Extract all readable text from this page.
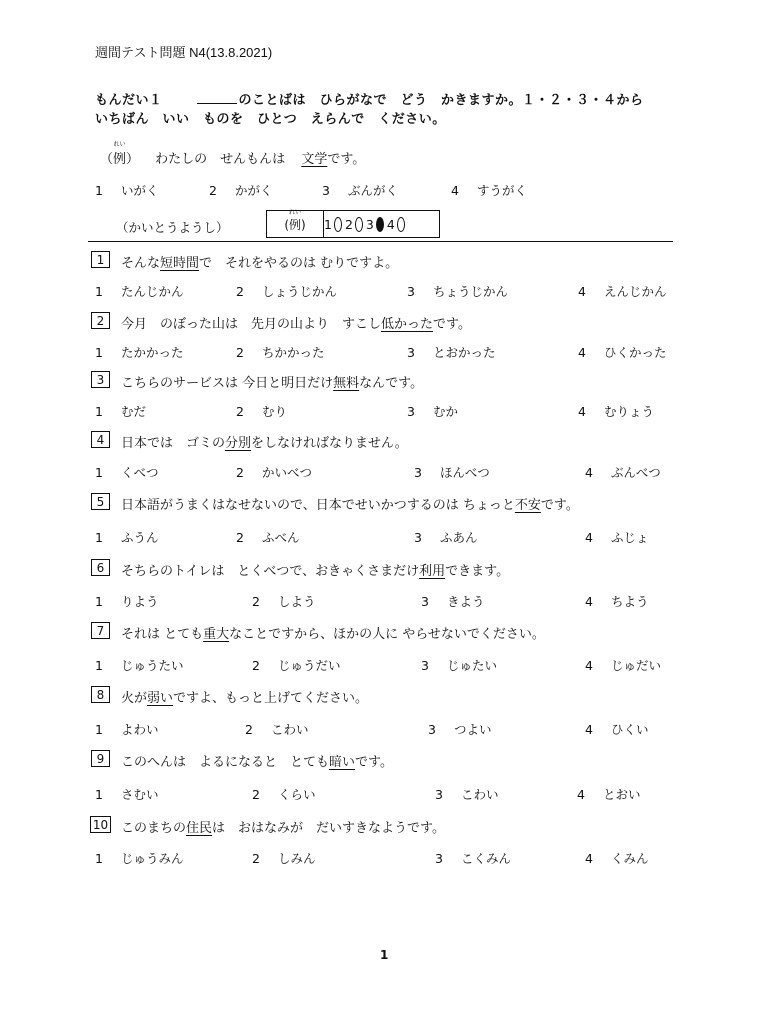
週間テスト問題 N4(13.8.2021)
もんだい１	のことばは　ひらがなで　どう　かきますか。１・２・３・４から
いちばん　いい　ものを　ひとつ　えらんで　ください。
れい
（例） わたしの　せんもんは 文学です。
1 いがく	2 かがく	3 ぶんがく	4 すうがく
（かいとうようし）
れい
(例) 1 2 3 4
1	そんな短時間で　それをやるのは むりですよ。
1 たんじかん	2 しょうじかん	3 ちょうじかん	4 えんじかん
2	今月　のぼった山は　先月の山より　すこし低かったです。
1 たかかった	2 ちかかった	3 とおかった	4 ひくかった
3	こちらのサービスは 今日と明日だけ無料なんです。
1 むだ	2 むり	3 むか	4 むりょう
4	日本では　ゴミの分別をしなければなりません。
1 くべつ	2 かいべつ	3 ほんべつ	4 ぶんべつ
5	日本語がうまくはなせないので、日本でせいかつするのは ちょっと不安です。
1 ふうん	2 ふべん	3 ふあん	4 ふじょ
6	そちらのトイレは　とくべつで、おきゃくさまだけ利用できます。
1 りよう	2 しよう	3 きよう	4 ちよう
7	それは とても重大なことですから、ほかの人に やらせないでください。
1 じゅうたい	2 じゅうだい	3 じゅたい	4 じゅだい
8	火が弱いですよ、もっと上げてください。
1 よわい	2 こわい	3 つよい	4 ひくい
9	このへんは　よるになると　とても暗いです。
1 さむい	2 くらい	3 こわい	4 とおい
10 このまちの住民は　おはなみが　だいすきなようです。
1 じゅうみん	2 しみん	3 こくみん	4 くみん
1
